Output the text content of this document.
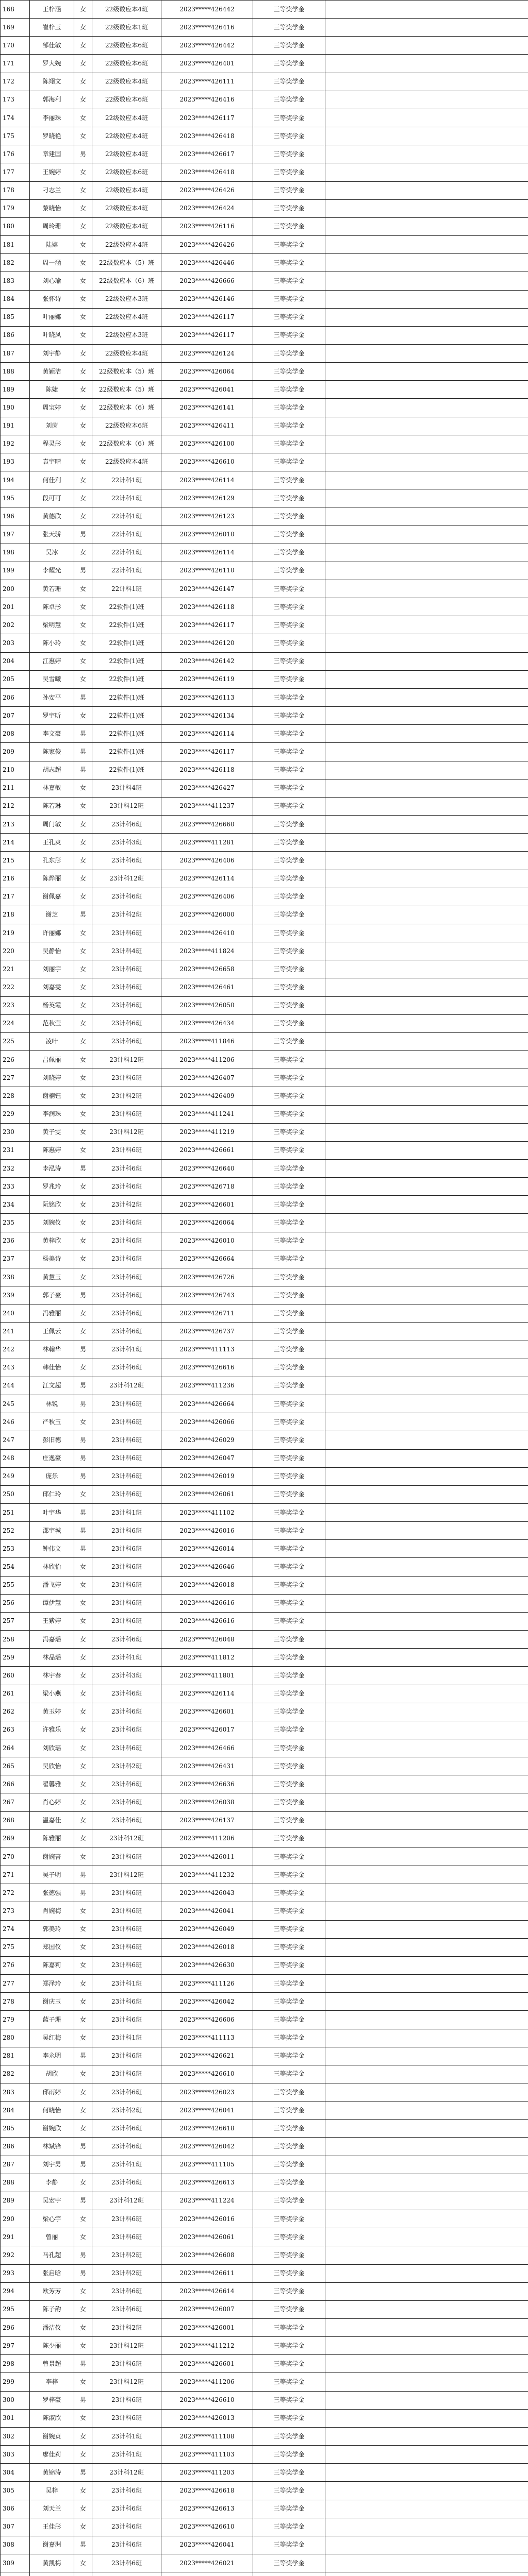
168	王梓涵	女	22级数应本4班	2023*****426442	三等奖学金	
169	崔梓玉	女	22级数应本1班	2023*****426416	三等奖学金	
170	邹佳敏	女	22级数应本6班	2023*****426442	三等奖学金	
171	罗大婉	女	22级数应本6班	2023*****426401	三等奖学金	
172	陈翊文	女	22级数应本4班	2023*****426111	三等奖学金	
173	郭海利	女	22级数应本6班	2023*****426416	三等奖学金	
174	李丽珠	女	22级数应本4班	2023*****426117	三等奖学金	
175	罗晓艳	女	22级数应本4班	2023*****426418	三等奖学金	
176	章建国	男	22级数应本4班	2023*****426617	三等奖学金	
177	王婉婷	女	22级数应本6班	2023*****426418	三等奖学金	
178	刁志兰	女	22级数应本4班	2023*****426426	三等奖学金	
179	黎晓怡	女	22级数应本4班	2023*****426424	三等奖学金	
180	周玲珊	女	22级数应本4班	2023*****426116	三等奖学金	
181	陆嫦	女	22级数应本4班	2023*****426426	三等奖学金	
182	周一涵	女	22级数应本（5）班	2023*****426446	三等奖学金	
183	刘心瑜	女	22级数应本（6）班	2023*****426666	三等奖学金	
184	张怀诗	女	22级数应本3班	2023*****426146	三等奖学金	
185	叶丽娜	女	22级数应本4班	2023*****426117	三等奖学金	
186	叶晓凤	女	22级数应本3班	2023*****426117	三等奖学金	
187	刘宇静	女	22级数应本4班	2023*****426124	三等奖学金	
188	黄颖洁	女	22级数应本（5）班	2023*****426064	三等奖学金	
189	陈婕	女	22级数应本（5）班	2023*****426041	三等奖学金	
190	周宝婷	女	22级数应本（6）班	2023*****426141	三等奖学金	
191	刘茵	女	22级数应本6班	2023*****426411	三等奖学金	
192	程灵彤	女	22级数应本（6）班	2023*****426100	三等奖学金	
193	袁宇晴	女	22级数应本4班	2023*****426610	三等奖学金	
194	何佳利	女	22计科1班	2023*****426114	三等奖学金	
195	段可可	女	22计科1班	2023*****426129	三等奖学金	
196	黄德欣	女	22计科1班	2023*****426123	三等奖学金	
197	张天骄	男	22计科1班	2023*****426010	三等奖学金	
198	吴冰	女	22计科1班	2023*****426114	三等奖学金	
199	李耀光	男	22计科1班	2023*****426110	三等奖学金	
200	黄若珊	女	22计科1班	2023*****426147	三等奖学金	
201	陈卓彤	女	22软件(1)班	2023*****426118	三等奖学金	
202	梁明慧	女	22软件(1)班	2023*****426117	三等奖学金	
203	陈小玲	女	22软件(1)班	2023*****426120	三等奖学金	
204	江惠婷	女	22软件(1)班	2023*****426142	三等奖学金	
205	吴雪曦	女	22软件(1)班	2023*****426119	三等奖学金	
206	孙安平	男	22软件(1)班	2023*****426113	三等奖学金	
207	罗宇昕	女	22软件(1)班	2023*****426134	三等奖学金	
208	李文豪	男	22软件(1)班	2023*****426114	三等奖学金	
209	陈家俊	男	22软件(1)班	2023*****426117	三等奖学金	
210	胡志超	男	22软件(1)班	2023*****426118	三等奖学金	
211	林嘉敏	女	23计科4班	2023*****426427	三等奖学金	
212	陈若琳	女	23计科12班	2023*****411237	三等奖学金	
213	周门敏	女	23计科6班	2023*****426660	三等奖学金	
214	王孔爽	女	23计科3班	2023*****411281	三等奖学金	
215	孔东彤	女	23计科6班	2023*****426406	三等奖学金	
216	陈烨丽	女	23计科12班	2023*****426114	三等奖学金	
217	谢佩嘉	女	23计科6班	2023*****426406	三等奖学金	
218	谢芝	男	23计科2班	2023*****426000	三等奖学金	
219	许丽娜	女	23计科6班	2023*****426410	三等奖学金	
220	吴静怡	女	23计科4班	2023*****411824	三等奖学金	
221	刘丽宇	女	23计科6班	2023*****426658	三等奖学金	
222	刘嘉雯	女	23计科6班	2023*****426461	三等奖学金	
223	杨英霞	女	23计科6班	2023*****426050	三等奖学金	
224	范秋莹	女	23计科6班	2023*****426434	三等奖学金	
225	凌叶	女	23计科6班	2023*****411846	三等奖学金	
226	吕佩丽	女	23计科12班	2023*****411206	三等奖学金	
227	刘晓婷	女	23计科6班	2023*****426407	三等奖学金	
228	谢楠钰	女	23计科2班	2023*****426409	三等奖学金	
229	李润珠	女	23计科6班	2023*****411241	三等奖学金	
230	黄子雯	女	23计科12班	2023*****411219	三等奖学金	
231	陈惠婷	女	23计科6班	2023*****426661	三等奖学金	
232	李泓涛	男	23计科6班	2023*****426640	三等奖学金	
233	罗兆玲	女	23计科6班	2023*****426718	三等奖学金	
234	阮铭欣	女	23计科2班	2023*****426601	三等奖学金	
235	刘婉仪	女	23计科6班	2023*****426064	三等奖学金	
236	黄梓欣	女	23计科6班	2023*****426010	三等奖学金	
237	杨美诗	女	23计科6班	2023*****426664	三等奖学金	
238	黄慧玉	女	23计科6班	2023*****426726	三等奖学金	
239	郭子豪	男	23计科6班	2023*****426743	三等奖学金	
240	冯雅丽	女	23计科6班	2023*****426711	三等奖学金	
241	王佩云	女	23计科6班	2023*****426737	三等奖学金	
242	林翰华	男	23计科1班	2023*****411113	三等奖学金	
243	韩佳怡	女	23计科6班	2023*****426616	三等奖学金	
244	江文超	男	23计科12班	2023*****411236	三等奖学金	
245	林锐	男	23计科6班	2023*****426664	三等奖学金	
246	严秋玉	女	23计科6班	2023*****426066	三等奖学金	
247	彭旧德	男	23计科6班	2023*****426029	三等奖学金	
248	庄逸豪	男	23计科6班	2023*****426047	三等奖学金	
249	庞乐	男	23计科6班	2023*****426019	三等奖学金	
250	邱仁玲	女	23计科6班	2023*****426061	三等奖学金	
251	叶宇华	男	23计科1班	2023*****411102	三等奖学金	
252	邵宇城	男	23计科6班	2023*****426016	三等奖学金	
253	钟伟文	男	23计科6班	2023*****426014	三等奖学金	
254	林欣怡	女	23计科6班	2023*****426646	三等奖学金	
255	潘飞婷	女	23计科6班	2023*****426018	三等奖学金	
256	谭伊慧	女	23计科6班	2023*****426616	三等奖学金	
257	王紫婷	女	23计科6班	2023*****426616	三等奖学金	
258	冯嘉瑶	女	23计科6班	2023*****426048	三等奖学金	
259	林品瑶	女	23计科1班	2023*****411812	三等奖学金	
260	林宇春	女	23计科3班	2023*****411801	三等奖学金	
261	梁小燕	女	23计科6班	2023*****426114	三等奖学金	
262	黄玉婷	女	23计科6班	2023*****426601	三等奖学金	
263	许雅乐	女	23计科6班	2023*****426017	三等奖学金	
264	刘欣瑶	女	23计科6班	2023*****426466	三等奖学金	
265	吴欣怡	女	23计科2班	2023*****426431	三等奖学金	
266	翟馨雅	女	23计科6班	2023*****426636	三等奖学金	
267	肖心婷	女	23计科6班	2023*****426038	三等奖学金	
268	温嘉佳	女	23计科6班	2023*****426137	三等奖学金	
269	陈雅丽	女	23计科12班	2023*****411206	三等奖学金	
270	谢婉菁	女	23计科6班	2023*****426011	三等奖学金	
271	吴子明	男	23计科12班	2023*****411232	三等奖学金	
272	张德强	男	23计科6班	2023*****426043	三等奖学金	
273	肖婉梅	女	23计科6班	2023*****426041	三等奖学金	
274	郭美玲	女	23计科6班	2023*****426049	三等奖学金	
275	郑国仪	女	23计科6班	2023*****426018	三等奖学金	
276	陈嘉莉	女	23计科6班	2023*****426630	三等奖学金	
277	郑泽玲	女	23计科1班	2023*****411126	三等奖学金	
278	谢庆玉	女	23计科6班	2023*****426042	三等奖学金	
279	蓝子珊	女	23计科6班	2023*****426606	三等奖学金	
280	吴红梅	女	23计科1班	2023*****411113	三等奖学金	
281	李永明	男	23计科6班	2023*****426621	三等奖学金	
282	胡欣	女	23计科6班	2023*****426610	三等奖学金	
283	邱雨婷	女	23计科6班	2023*****426023	三等奖学金	
284	何晓怡	女	23计科2班	2023*****426041	三等奖学金	
285	谢婉欣	女	23计科6班	2023*****426618	三等奖学金	
286	林斌锋	男	23计科6班	2023*****426042	三等奖学金	
287	刘宇男	男	23计科1班	2023*****411105	三等奖学金	
288	李静	女	23计科6班	2023*****426613	三等奖学金	
289	吴宏宇	男	23计科12班	2023*****411224	三等奖学金	
290	梁心宇	女	23计科6班	2023*****426016	三等奖学金	
291	曾丽	女	23计科6班	2023*****426061	三等奖学金	
292	马孔超	男	23计科2班	2023*****426608	三等奖学金	
293	张启晗	男	23计科2班	2023*****426611	三等奖学金	
294	欧芳芳	女	23计科6班	2023*****426614	三等奖学金	
295	陈子韵	女	23计科6班	2023*****426007	三等奖学金	
296	潘洁仪	女	23计科2班	2023*****426001	三等奖学金	
297	陈少丽	女	23计科12班	2023*****411212	三等奖学金	
298	曾景超	男	23计科6班	2023*****426601	三等奖学金	
299	李梓	女	23计科12班	2023*****411206	三等奖学金	
300	罗梓豪	男	23计科6班	2023*****426610	三等奖学金	
301	陈淑欣	女	23计科6班	2023*****426013	三等奖学金	
302	谢婉贞	女	23计科1班	2023*****411108	三等奖学金	
303	廖佳莉	女	23计科1班	2023*****411103	三等奖学金	
304	黄锦涛	男	23计科12班	2023*****411203	三等奖学金	
305	吴梓	女	23计科6班	2023*****426618	三等奖学金	
306	刘天兰	女	23计科6班	2023*****426613	三等奖学金	
307	王佳彤	女	23计科6班	2023*****426610	三等奖学金	
308	谢嘉洲	男	23计科6班	2023*****426041	三等奖学金	
309	黄凯梅	女	23计科6班	2023*****426021	三等奖学金	
